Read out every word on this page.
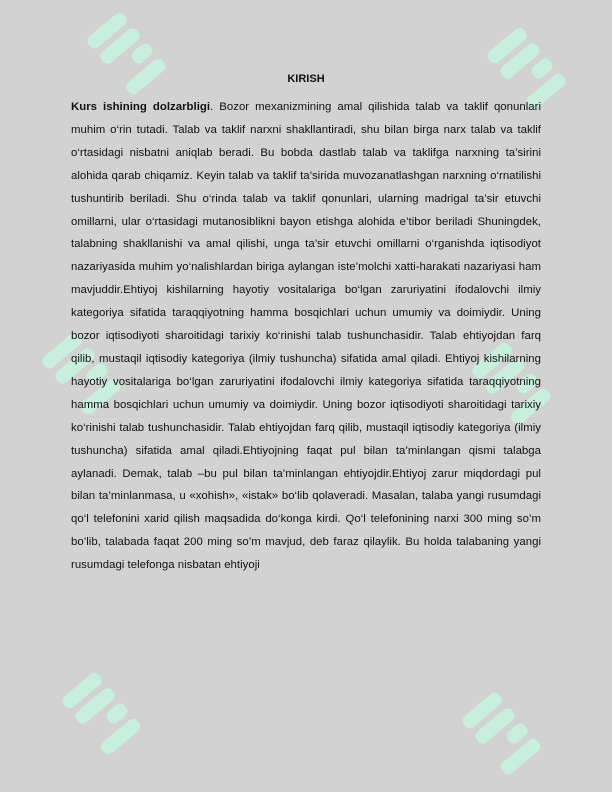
KIRISH

Kurs ishining dolzarbligi. Bozor mexanizmining amal qilishida talab va taklif qonunlari muhim o‘rin tutadi. Talab va taklif narxni shakllantiradi, shu bilan birga narx talab va taklif o‘rtasidagi nisbatni aniqlab beradi. Bu bobda dastlab talab va taklifga narxning ta’sirini alohida qarab chiqamiz. Keyin talab va taklif ta’sirida muvozanatlashgan narxning o‘rnatilishi tushuntirib beriladi. Shu o‘rinda talab va taklif qonunlari, ularning madrigal ta’sir etuvchi omillarni, ular o‘rtasidagi mutanosiblikni bayon etishga alohida e’tibor beriladi Shuningdek, talabning shakllanishi va amal qilishi, unga ta’sir etuvchi omillarni o‘rganishda iqtisodiyot nazariyasida muhim yo‘nalishlardan biriga aylangan iste’molchi xatti-harakati nazariyasi ham mavjuddir.Ehtiyoj kishilarning hayotiy vositalariga bo‘lgan zaruriyatini ifodalovchi ilmiy kategoriya sifatida taraqqiyotning hamma bosqichlari uchun umumiy va doimiydir. Uning bozor iqtisodiyoti sharoitidagi tarixiy ko‘rinishi talab tushunchasidir. Talab ehtiyojdan farq qilib, mustaqil iqtisodiy kategoriya (ilmiy tushuncha) sifatida amal qiladi. Ehtiyoj kishilarning hayotiy vositalariga bo‘lgan zaruriyatini ifodalovchi ilmiy kategoriya sifatida taraqqiyotning hamma bosqichlari uchun umumiy va doimiydir. Uning bozor iqtisodiyoti sharoitidagi tarixiy ko‘rinishi talab tushunchasidir. Talab ehtiyojdan farq qilib, mustaqil iqtisodiy kategoriya (ilmiy tushuncha) sifatida amal qiladi.Ehtiyojning faqat pul bilan ta’minlangan qismi talabga aylanadi. Demak, talab –bu pul bilan ta’minlangan ehtiyojdir.Ehtiyoj zarur miqdordagi pul bilan ta’minlanmasa, u «xohish», «istak» bo‘lib qolaveradi. Masalan, talaba yangi rusumdagi qo‘l telefonini xarid qilish maqsadida do‘konga kirdi. Qo‘l telefonining narxi 300 ming so’m bo’lib, talabada faqat 200 ming so’m mavjud, deb faraz qilaylik. Bu holda talabaning yangi rusumdagi telefonga nisbatan ehtiyoji
